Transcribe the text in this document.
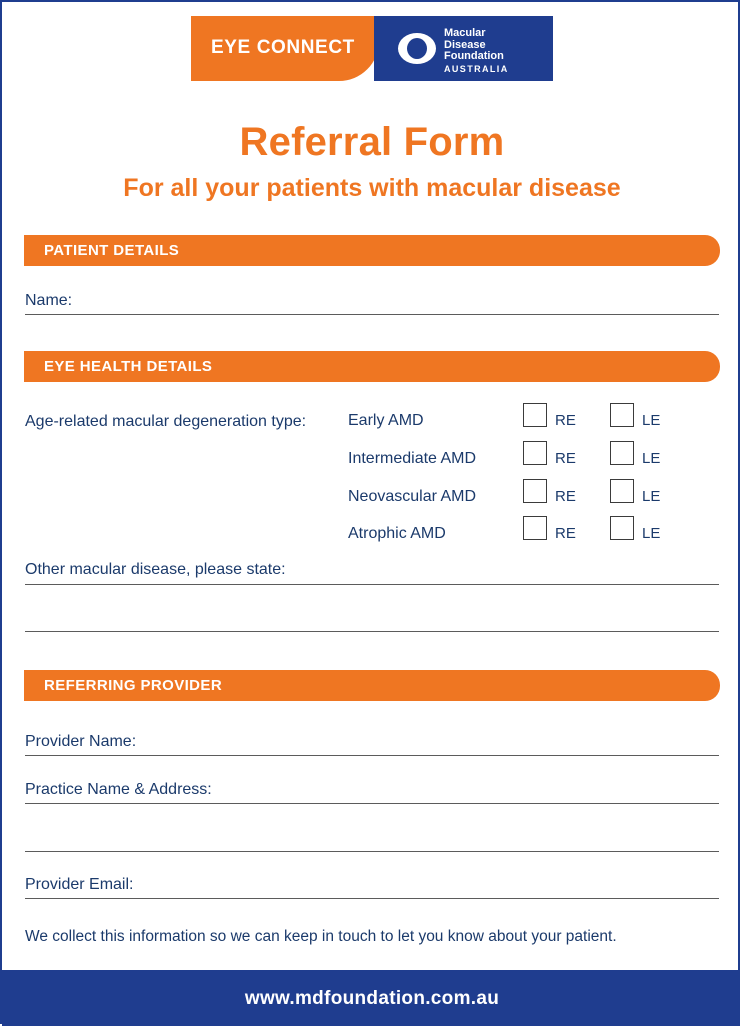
EYE CONNECT
Macular
Disease
Foundation
AUSTRALIA
Referral Form
For all your patients with macular disease
PATIENT DETAILS
Name:
EYE HEALTH DETAILS
Age-related macular degeneration type:	Early AMD	RE	LE
Intermediate AMD	RE	LE
Neovascular AMD	RE	LE
Atrophic AMD	RE	LE
Other macular disease, please state:
REFERRING PROVIDER
Provider Name:
Practice Name & Address:
Provider Email:
We collect this information so we can keep in touch to let you know about your patient.
www.mdfoundation.com.au
